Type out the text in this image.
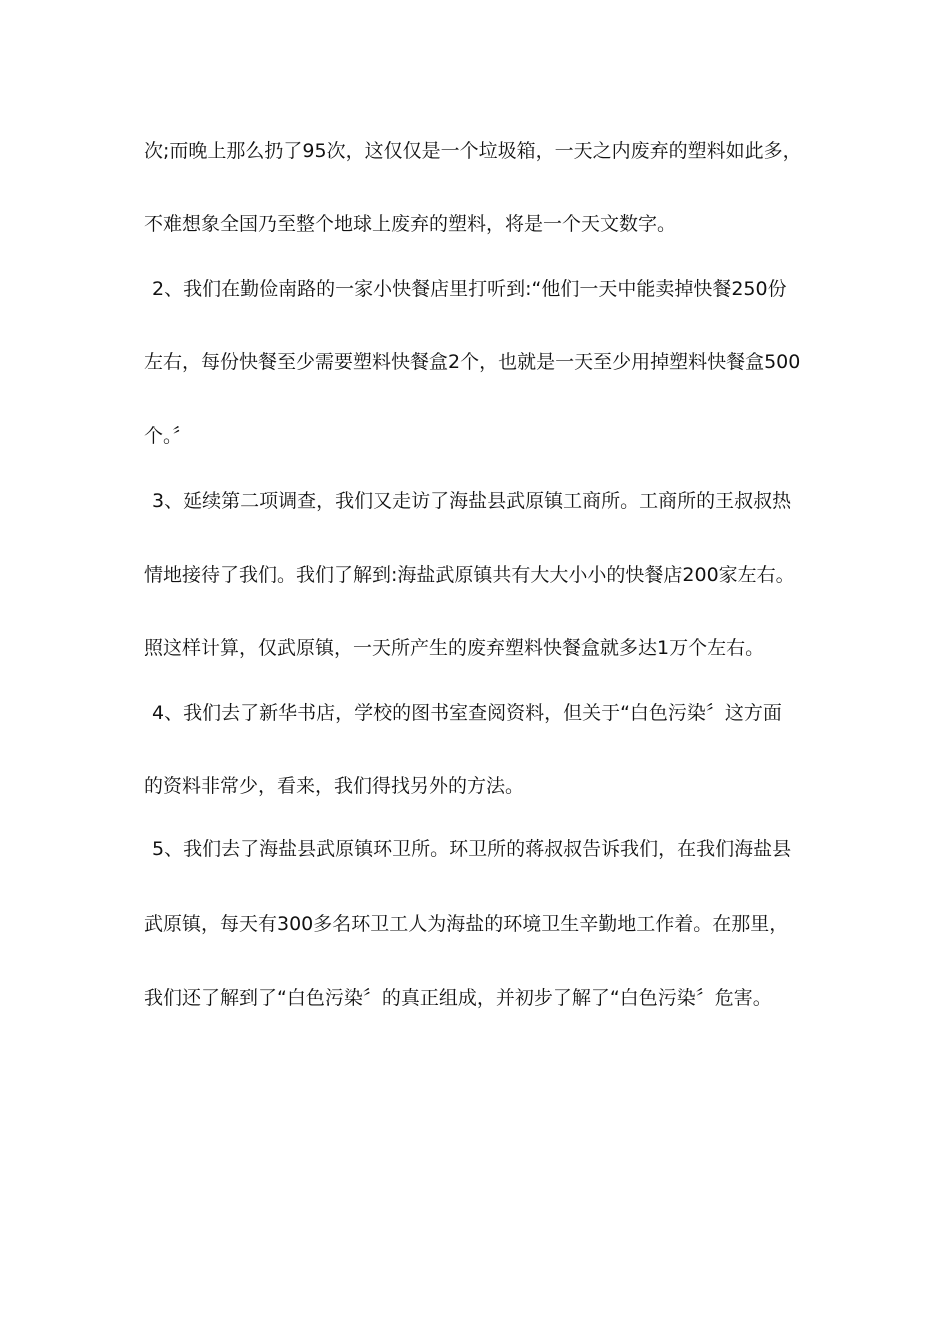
次;而晚上那么扔了95次，这仅仅是一个垃圾箱，一天之内废弃的塑料如此多，
不难想象全国乃至整个地球上废弃的塑料，将是一个天文数字。
2、我们在勤俭南路的一家小快餐店里打听到:“他们一天中能卖掉快餐250份
左右，每份快餐至少需要塑料快餐盒2个，也就是一天至少用掉塑料快餐盒500
个。〞
3、延续第二项调查，我们又走访了海盐县武原镇工商所。工商所的王叔叔热
情地接待了我们。我们了解到:海盐武原镇共有大大小小的快餐店200家左右。
照这样计算，仅武原镇，一天所产生的废弃塑料快餐盒就多达1万个左右。
4、我们去了新华书店，学校的图书室查阅资料，但关于“白色污染〞这方面
的资料非常少，看来，我们得找另外的方法。
5、我们去了海盐县武原镇环卫所。环卫所的蒋叔叔告诉我们，在我们海盐县
武原镇，每天有300多名环卫工人为海盐的环境卫生辛勤地工作着。在那里，
我们还了解到了“白色污染〞的真正组成，并初步了解了“白色污染〞危害。
